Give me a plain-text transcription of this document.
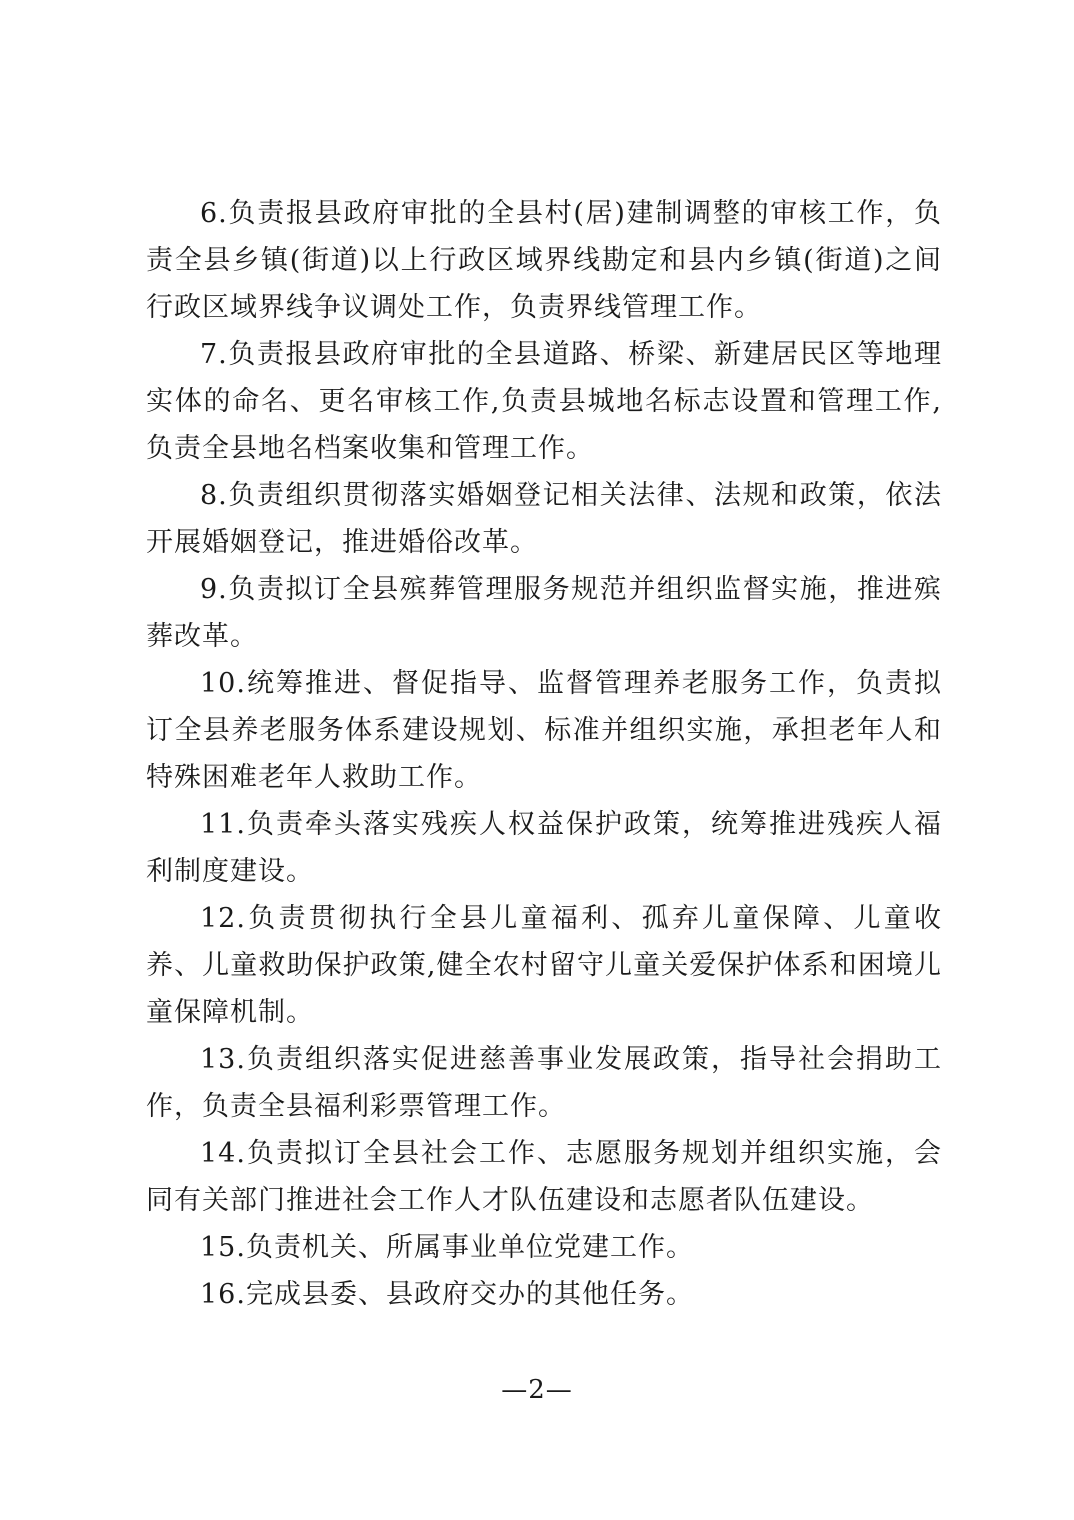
6.负责报县政府审批的全县村(居)建制调整的审核工作，负责全县乡镇(街道)以上行政区域界线勘定和县内乡镇(街道)之间行政区域界线争议调处工作，负责界线管理工作。

7.负责报县政府审批的全县道路、桥梁、新建居民区等地理实体的命名、更名审核工作,负责县城地名标志设置和管理工作,负责全县地名档案收集和管理工作。

8.负责组织贯彻落实婚姻登记相关法律、法规和政策，依法开展婚姻登记，推进婚俗改革。

9.负责拟订全县殡葬管理服务规范并组织监督实施，推进殡葬改革。

10.统筹推进、督促指导、监督管理养老服务工作，负责拟订全县养老服务体系建设规划、标准并组织实施，承担老年人和特殊困难老年人救助工作。

11.负责牵头落实残疾人权益保护政策，统筹推进残疾人福利制度建设。

12.负责贯彻执行全县儿童福利、孤弃儿童保障、儿童收养、儿童救助保护政策,健全农村留守儿童关爱保护体系和困境儿童保障机制。

13.负责组织落实促进慈善事业发展政策，指导社会捐助工作，负责全县福利彩票管理工作。

14.负责拟订全县社会工作、志愿服务规划并组织实施，会同有关部门推进社会工作人才队伍建设和志愿者队伍建设。

15.负责机关、所属事业单位党建工作。

16.完成县委、县政府交办的其他任务。

—2—
